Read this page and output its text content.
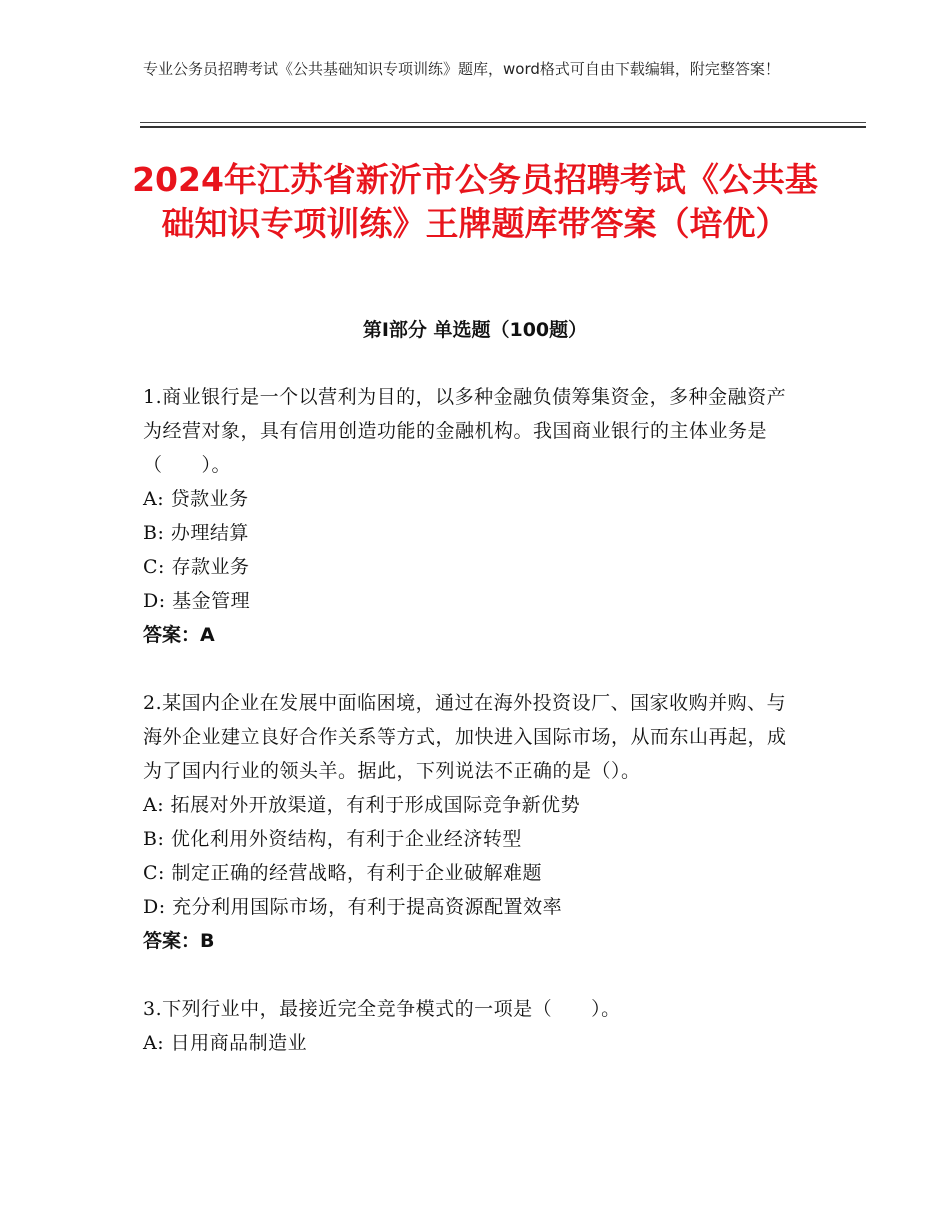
专业公务员招聘考试《公共基础知识专项训练》题库，word格式可自由下载编辑，附完整答案！
2024年江苏省新沂市公务员招聘考试《公共基础知识专项训练》王牌题库带答案（培优）
第Ⅰ部分 单选题（100题）
1.商业银行是一个以营利为目的，以多种金融负债筹集资金，多种金融资产为经营对象，具有信用创造功能的金融机构。我国商业银行的主体业务是（　　）。
A: 贷款业务
B: 办理结算
C: 存款业务
D: 基金管理
答案：A
2.某国内企业在发展中面临困境，通过在海外投资设厂、国家收购并购、与海外企业建立良好合作关系等方式，加快进入国际市场，从而东山再起，成为了国内行业的领头羊。据此，下列说法不正确的是（）。
A: 拓展对外开放渠道，有利于形成国际竞争新优势
B: 优化利用外资结构，有利于企业经济转型
C: 制定正确的经营战略，有利于企业破解难题
D: 充分利用国际市场，有利于提高资源配置效率
答案：B
3.下列行业中，最接近完全竞争模式的一项是（　　）。
A: 日用商品制造业
